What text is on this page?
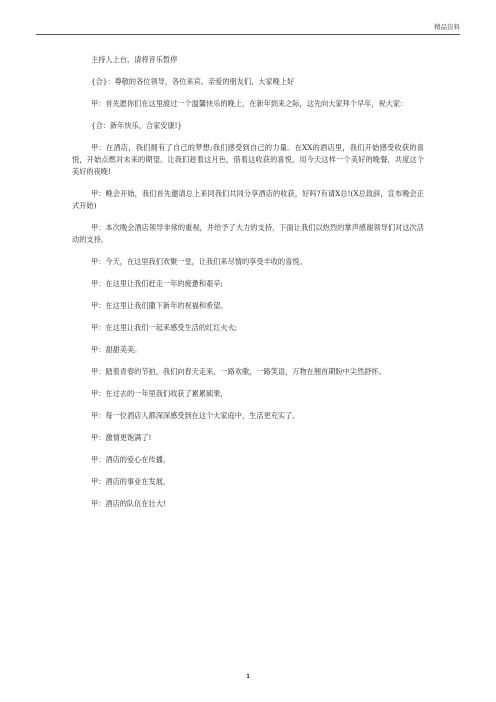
精品资料

主持人上台，请将音乐暂停

{合}：尊敬的各位领导，各位来宾、亲爱的朋友们，大家晚上好

甲：首先愿你们在这里渡过一个温馨快乐的晚上，在新年到来之际，这先向大家拜个早年，祝大家：

{合：新年快乐，合家安康!}

甲：在酒店，我们拥有了自己的梦想;我们感受到自己的力量。在XX的酒店里，我们开始感受收获的喜悦，开始点燃对未来的期望。让我们趁着这月色，借着这收获的喜悦，用今天这样一个美好的晚餐，共度这个美好的夜晚!

甲：晚会开始，我们首先邀请总上来同我们共同分享酒店的收获，好吗?有请X总!(X总致辞，宣布晚会正式开始)

甲：本次晚会酒店领导非常的重视，并给予了大力的支持，下面让我们以热烈的掌声感谢领导们对这次活动的支持。

甲：今天，在这里我们欢聚一堂，让我们来尽情的享受丰收的喜悦。

甲：在这里让我们赶走一年的疲惫和艰辛;

甲：在这里让我们撒下新年的祝福和希望。

甲：在这里让我们一起来感受生活的红红火火;

甲：甜甜美美。

甲：踏着青春的节拍，我们向春天走来，一路欢歌，一路笑语，万物在翘首期盼中尖然舒怀。

甲：在过去的一年里我们收获了累累硕果，

甲：每一位酒店人都深深感受到在这个大家庭中，生活更充实了。

甲：激情更饱满了!

甲：酒店的爱心在传播，

甲：酒店的事业在发展，

甲：酒店的队伍在壮大!

1
